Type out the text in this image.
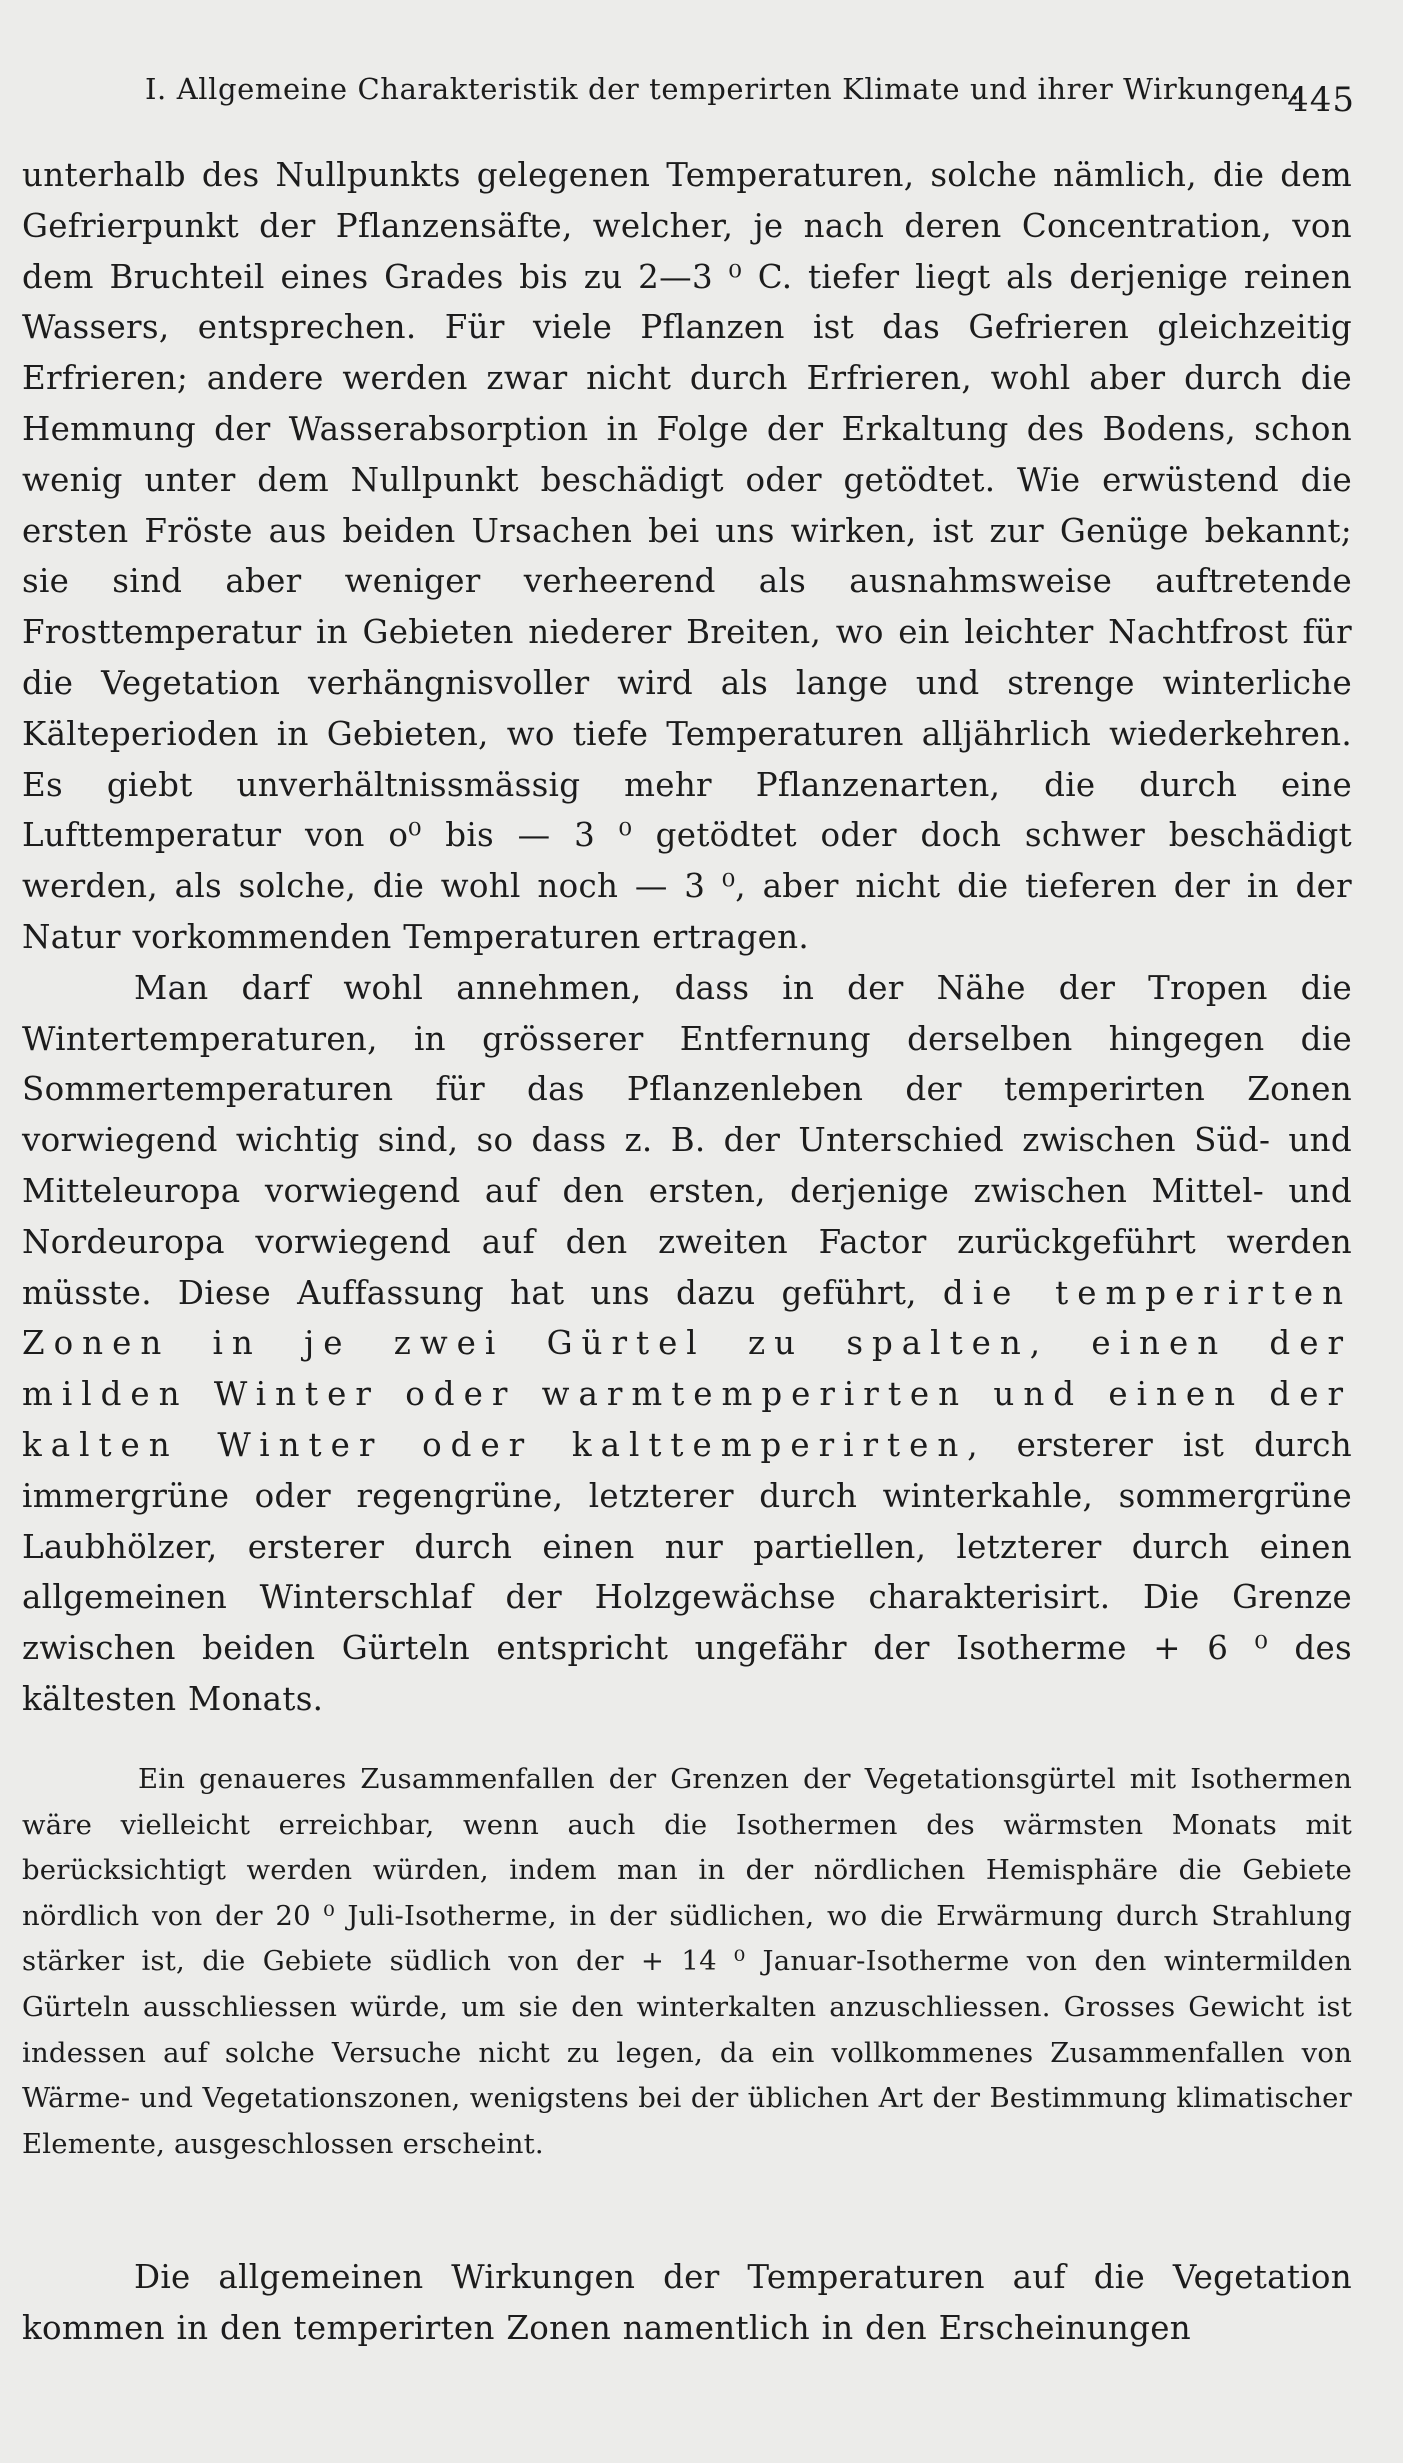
I. Allgemeine Charakteristik der temperirten Klimate und ihrer Wirkungen.
445

unterhalb des Nullpunkts gelegenen Temperaturen, solche nämlich, die dem Gefrierpunkt der Pflanzensäfte, welcher, je nach deren Concentration, von dem Bruchteil eines Grades bis zu 2—3 ⁰ C. tiefer liegt als derjenige reinen Wassers, entsprechen. Für viele Pflanzen ist das Gefrieren gleichzeitig Erfrieren; andere werden zwar nicht durch Erfrieren, wohl aber durch die Hemmung der Wasserabsorption in Folge der Erkaltung des Bodens, schon wenig unter dem Nullpunkt beschädigt oder getödtet. Wie erwüstend die ersten Fröste aus beiden Ursachen bei uns wirken, ist zur Genüge bekannt; sie sind aber weniger verheerend als ausnahmsweise auftretende Frosttemperatur in Gebieten niederer Breiten, wo ein leichter Nachtfrost für die Vegetation verhängnisvoller wird als lange und strenge winterliche Kälteperioden in Gebieten, wo tiefe Temperaturen alljährlich wiederkehren. Es giebt unverhältnissmässig mehr Pflanzenarten, die durch eine Lufttemperatur von o⁰ bis — 3 ⁰ getödtet oder doch schwer beschädigt werden, als solche, die wohl noch — 3 ⁰, aber nicht die tieferen der in der Natur vorkommenden Temperaturen ertragen.

Man darf wohl annehmen, dass in der Nähe der Tropen die Wintertemperaturen, in grösserer Entfernung derselben hingegen die Sommertemperaturen für das Pflanzenleben der temperirten Zonen vorwiegend wichtig sind, so dass z. B. der Unterschied zwischen Süd- und Mitteleuropa vorwiegend auf den ersten, derjenige zwischen Mittel- und Nordeuropa vorwiegend auf den zweiten Factor zurückgeführt werden müsste. Diese Auffassung hat uns dazu geführt, die temperirten Zonen in je zwei Gürtel zu spalten, einen der milden Winter oder warmtemperirten und einen der kalten Winter oder kalttemperirten, ersterer ist durch immergrüne oder regengrüne, letzterer durch winterkahle, sommergrüne Laubhölzer, ersterer durch einen nur partiellen, letzterer durch einen allgemeinen Winterschlaf der Holzgewächse charakterisirt. Die Grenze zwischen beiden Gürteln entspricht ungefähr der Isotherme + 6 ⁰ des kältesten Monats.

Ein genaueres Zusammenfallen der Grenzen der Vegetationsgürtel mit Isothermen wäre vielleicht erreichbar, wenn auch die Isothermen des wärmsten Monats mit berücksichtigt werden würden, indem man in der nördlichen Hemisphäre die Gebiete nördlich von der 20 ⁰ Juli-Isotherme, in der südlichen, wo die Erwärmung durch Strahlung stärker ist, die Gebiete südlich von der + 14 ⁰ Januar-Isotherme von den wintermilden Gürteln ausschliessen würde, um sie den winterkalten anzuschliessen. Grosses Gewicht ist indessen auf solche Versuche nicht zu legen, da ein vollkommenes Zusammenfallen von Wärme- und Vegetationszonen, wenigstens bei der üblichen Art der Bestimmung klimatischer Elemente, ausgeschlossen erscheint.

Die allgemeinen Wirkungen der Temperaturen auf die Vegetation kommen in den temperirten Zonen namentlich in den Erscheinungen
